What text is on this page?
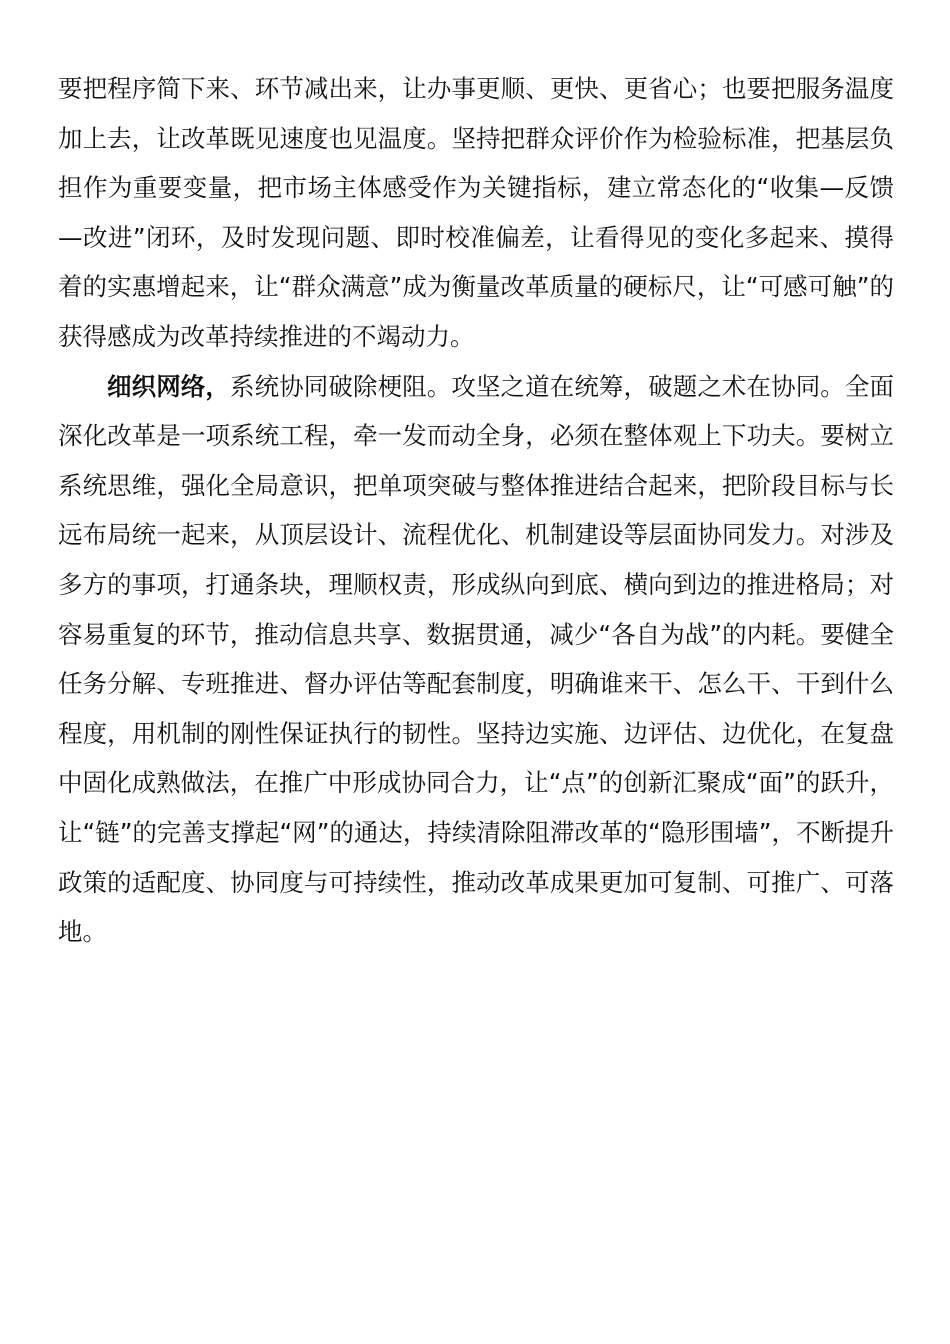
要把程序简下来、环节减出来，让办事更顺、更快、更省心；也要把服务温度加上去，让改革既见速度也见温度。坚持把群众评价作为检验标准，把基层负担作为重要变量，把市场主体感受作为关键指标，建立常态化的“收集—反馈—改进”闭环，及时发现问题、即时校准偏差，让看得见的变化多起来、摸得着的实惠增起来，让“群众满意”成为衡量改革质量的硬标尺，让“可感可触”的获得感成为改革持续推进的不竭动力。

细织网络，系统协同破除梗阻。攻坚之道在统筹，破题之术在协同。全面深化改革是一项系统工程，牵一发而动全身，必须在整体观上下功夫。要树立系统思维，强化全局意识，把单项突破与整体推进结合起来，把阶段目标与长远布局统一起来，从顶层设计、流程优化、机制建设等层面协同发力。对涉及多方的事项，打通条块，理顺权责，形成纵向到底、横向到边的推进格局；对容易重复的环节，推动信息共享、数据贯通，减少“各自为战”的内耗。要健全任务分解、专班推进、督办评估等配套制度，明确谁来干、怎么干、干到什么程度，用机制的刚性保证执行的韧性。坚持边实施、边评估、边优化，在复盘中固化成熟做法，在推广中形成协同合力，让“点”的创新汇聚成“面”的跃升，让“链”的完善支撑起“网”的通达，持续清除阻滞改革的“隐形围墙”，不断提升政策的适配度、协同度与可持续性，推动改革成果更加可复制、可推广、可落地。
